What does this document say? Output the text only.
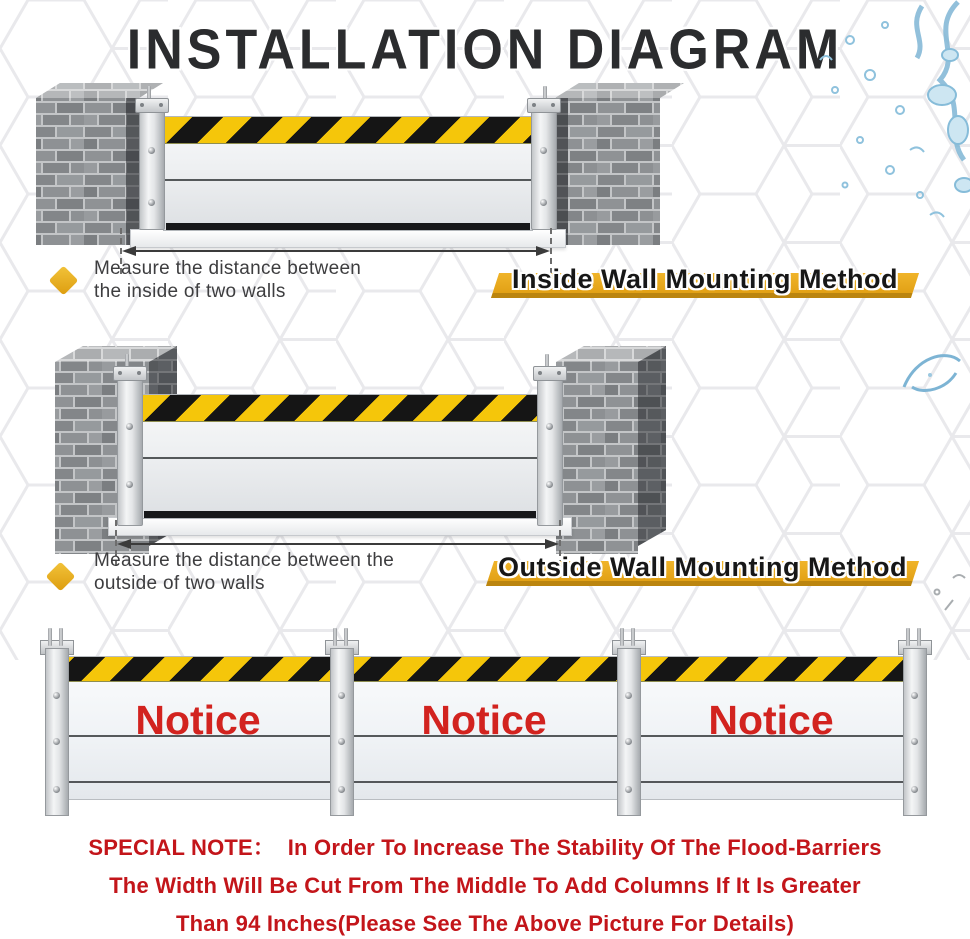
INSTALLATION DIAGRAM
Measure the distance between
the inside of two walls	Inside Wall Mounting Method
Measure the distance between the
outside of two walls
Outside Wall Mounting Method
Notice	Notice	Notice

SPECIAL NOTE：  In Order To Increase The Stability Of The Flood-Barriers

The Width Will Be Cut From The Middle To Add Columns If It Is Greater

Than 94 Inches(Please See The Above Picture For Details)
